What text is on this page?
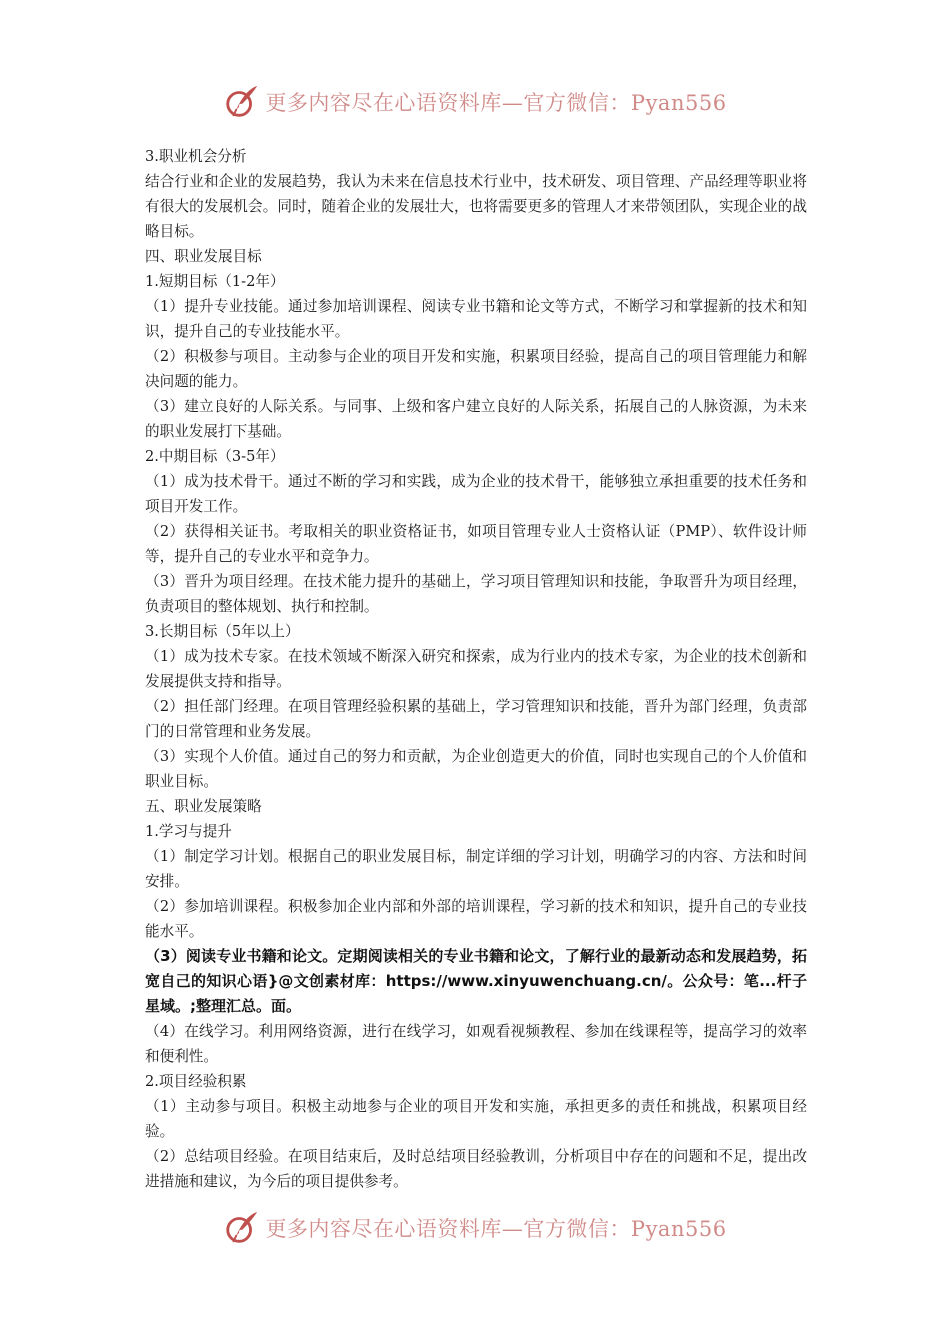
更多内容尽在心语资料库—官方微信：Pyan556

3.职业机会分析

结合行业和企业的发展趋势，我认为未来在信息技术行业中，技术研发、项目管理、产品经理等职业将有很大的发展机会。同时，随着企业的发展壮大，也将需要更多的管理人才来带领团队，实现企业的战略目标。

四、职业发展目标

1.短期目标（1-2年）

（1）提升专业技能。通过参加培训课程、阅读专业书籍和论文等方式，不断学习和掌握新的技术和知识，提升自己的专业技能水平。

（2）积极参与项目。主动参与企业的项目开发和实施，积累项目经验，提高自己的项目管理能力和解决问题的能力。

（3）建立良好的人际关系。与同事、上级和客户建立良好的人际关系，拓展自己的人脉资源，为未来的职业发展打下基础。

2.中期目标（3-5年）

（1）成为技术骨干。通过不断的学习和实践，成为企业的技术骨干，能够独立承担重要的技术任务和项目开发工作。

（2）获得相关证书。考取相关的职业资格证书，如项目管理专业人士资格认证（PMP）、软件设计师等，提升自己的专业水平和竞争力。

（3）晋升为项目经理。在技术能力提升的基础上，学习项目管理知识和技能，争取晋升为项目经理，负责项目的整体规划、执行和控制。

3.长期目标（5年以上）

（1）成为技术专家。在技术领域不断深入研究和探索，成为行业内的技术专家，为企业的技术创新和发展提供支持和指导。

（2）担任部门经理。在项目管理经验积累的基础上，学习管理知识和技能，晋升为部门经理，负责部门的日常管理和业务发展。

（3）实现个人价值。通过自己的努力和贡献，为企业创造更大的价值，同时也实现自己的个人价值和职业目标。

五、职业发展策略

1.学习与提升

（1）制定学习计划。根据自己的职业发展目标，制定详细的学习计划，明确学习的内容、方法和时间安排。

（2）参加培训课程。积极参加企业内部和外部的培训课程，学习新的技术和知识，提升自己的专业技能水平。

（3）阅读专业书籍和论文。定期阅读相关的专业书籍和论文，了解行业的最新动态和发展趋势，拓宽自己的知识心语}@文创素材库：https://www.xinyuwenchuang.cn/。公众号：笔...杆子星域。;整理汇总。面。

（4）在线学习。利用网络资源，进行在线学习，如观看视频教程、参加在线课程等，提高学习的效率和便利性。

2.项目经验积累

（1）主动参与项目。积极主动地参与企业的项目开发和实施，承担更多的责任和挑战，积累项目经验。

（2）总结项目经验。在项目结束后，及时总结项目经验教训，分析项目中存在的问题和不足，提出改进措施和建议，为今后的项目提供参考。

更多内容尽在心语资料库—官方微信：Pyan556
